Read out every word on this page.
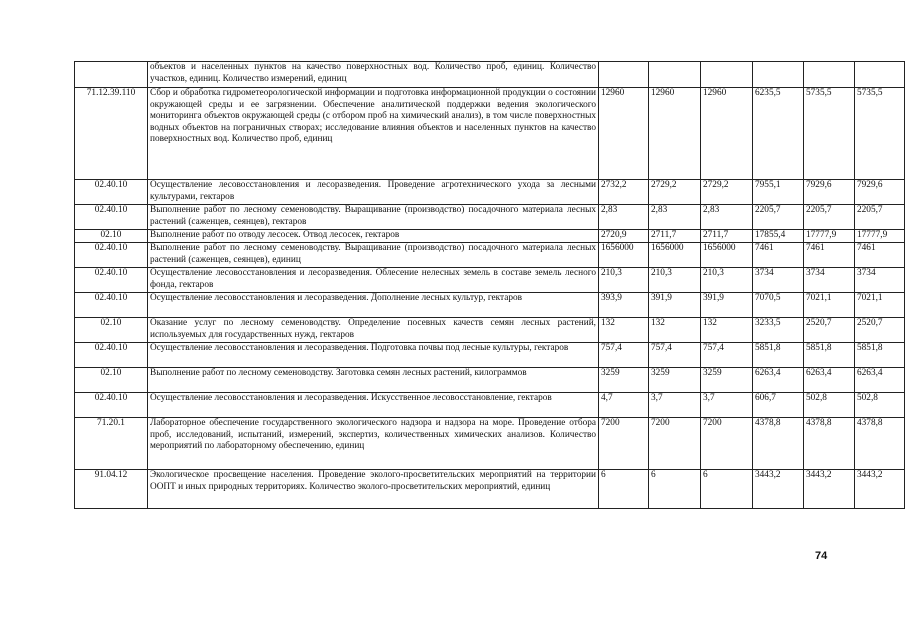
	объектов и населенных пунктов на качество поверхностных вод. Количество проб, единиц. Количество участков, единиц. Количество измерений, единиц						
71.12.39.110	Сбор и обработка гидрометеорологической информации и подготовка информационной продукции о состоянии окружающей среды и ее загрязнении. Обеспечение аналитической поддержки ведения экологического мониторинга объектов окружающей среды (с отбором проб на химический анализ), в том числе поверхностных водных объектов на пограничных створах; исследование влияния объектов и населенных пунктов на качество поверхностных вод. Количество проб, единиц	12960	12960	12960	6235,5	5735,5	5735,5
02.40.10	Осуществление лесовосстановления и лесоразведения. Проведение агротехнического ухода за лесными культурами, гектаров	2732,2	2729,2	2729,2	7955,1	7929,6	7929,6
02.40.10	Выполнение работ по лесному семеноводству. Выращивание (производство) посадочного материала лесных растений (саженцев, сеянцев), гектаров	2,83	2,83	2,83	2205,7	2205,7	2205,7
02.10	Выполнение работ по отводу лесосек. Отвод лесосек, гектаров	2720,9	2711,7	2711,7	17855,4	17777,9	17777,9
02.40.10	Выполнение работ по лесному семеноводству. Выращивание (производство) посадочного материала лесных растений (саженцев, сеянцев), единиц	1656000	1656000	1656000	7461	7461	7461
02.40.10	Осуществление лесовосстановления и лесоразведения. Облесение нелесных земель в составе земель лесного фонда, гектаров	210,3	210,3	210,3	3734	3734	3734
02.40.10	Осуществление лесовосстановления и лесоразведения. Дополнение лесных культур, гектаров	393,9	391,9	391,9	7070,5	7021,1	7021,1
02.10	Оказание услуг по лесному семеноводству. Определение посевных качеств семян лесных растений, используемых для государственных нужд, гектаров	132	132	132	3233,5	2520,7	2520,7
02.40.10	Осуществление лесовосстановления и лесоразведения. Подготовка почвы под лесные культуры, гектаров	757,4	757,4	757,4	5851,8	5851,8	5851,8
02.10	Выполнение работ по лесному семеноводству. Заготовка семян лесных растений, килограммов	3259	3259	3259	6263,4	6263,4	6263,4
02.40.10	Осуществление лесовосстановления и лесоразведения. Искусственное лесовосстановление, гектаров	4,7	3,7	3,7	606,7	502,8	502,8
71.20.1	Лабораторное обеспечение государственного экологического надзора и надзора на море. Проведение отбора проб, исследований, испытаний, измерений, экспертиз, количественных химических анализов. Количество мероприятий по лабораторному обеспечению, единиц	7200	7200	7200	4378,8	4378,8	4378,8
91.04.12	Экологическое просвещение населения. Проведение эколого-просветительских мероприятий на территории ООПТ и иных природных территориях. Количество эколого-просветительских мероприятий, единиц	6	6	6	3443,2	3443,2	3443,2
74
